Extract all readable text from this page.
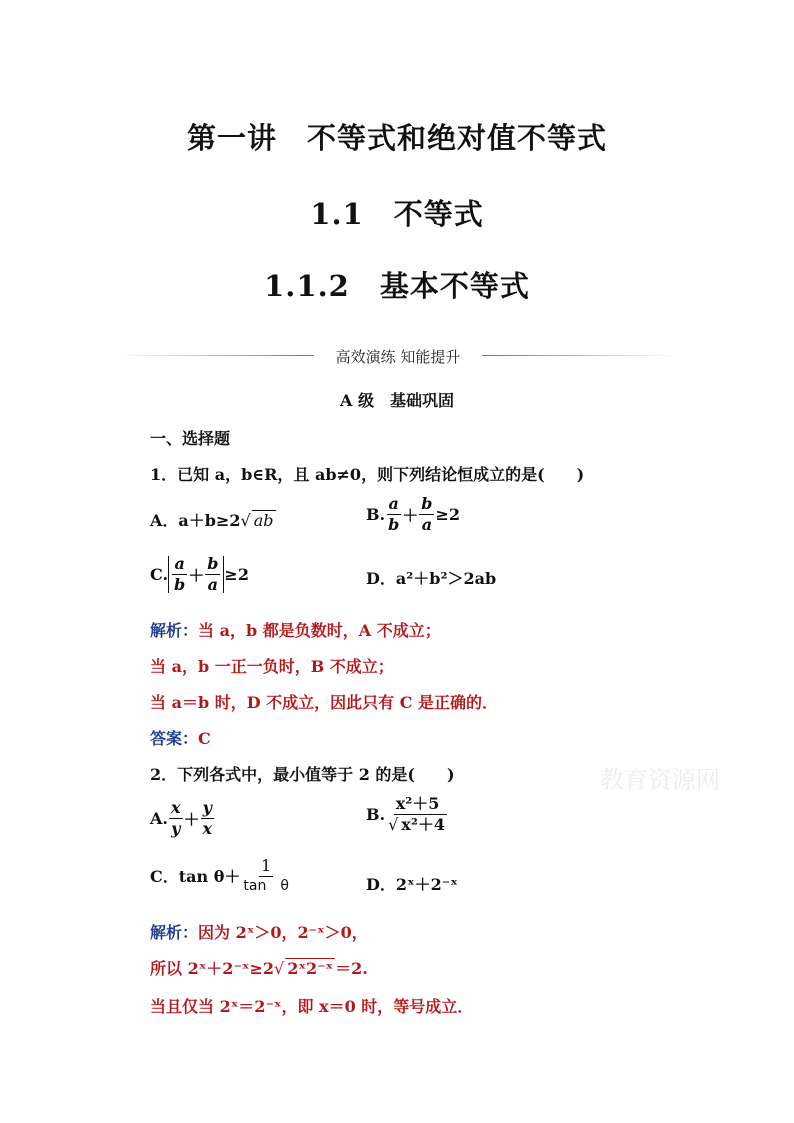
第一讲　不等式和绝对值不等式
1.1　不等式
1.1.2　基本不等式
高效演练 知能提升
A 级　基础巩固
一、选择题
1．已知 a，b∈R，且 ab≠0，则下列结论恒成立的是(　　)
A．a＋b≥2√ ab	B. $\frac{a}{b} + \frac{b}{a} \ge 2$
C. $\frac{a}{b} + \frac{b}{a} \ge 2$	D．a²＋b²＞2ab
解析：当 a，b 都是负数时，A 不成立；
当 a，b 一正一负时，B 不成立；
当 a＝b 时，D 不成立，因此只有 C 是正确的．
答案：C
2．下列各式中，最小值等于 2 的是(　　)
A. $\frac{x}{y} + \frac{y}{x}$	B. $\frac{\text{x²＋5}}{\text{√ x²＋4}}$
C．$\tan \theta+ \frac{1}{\text{tan　θ}}$	D．2ˣ＋2⁻ˣ
解析：因为 2ˣ＞0，2⁻ˣ＞0，
所以 2ˣ＋2⁻ˣ≥2√ 2ˣ2⁻ˣ ＝2.
当且仅当 2ˣ＝2⁻ˣ，即 x＝0 时，等号成立．
教育资源网
